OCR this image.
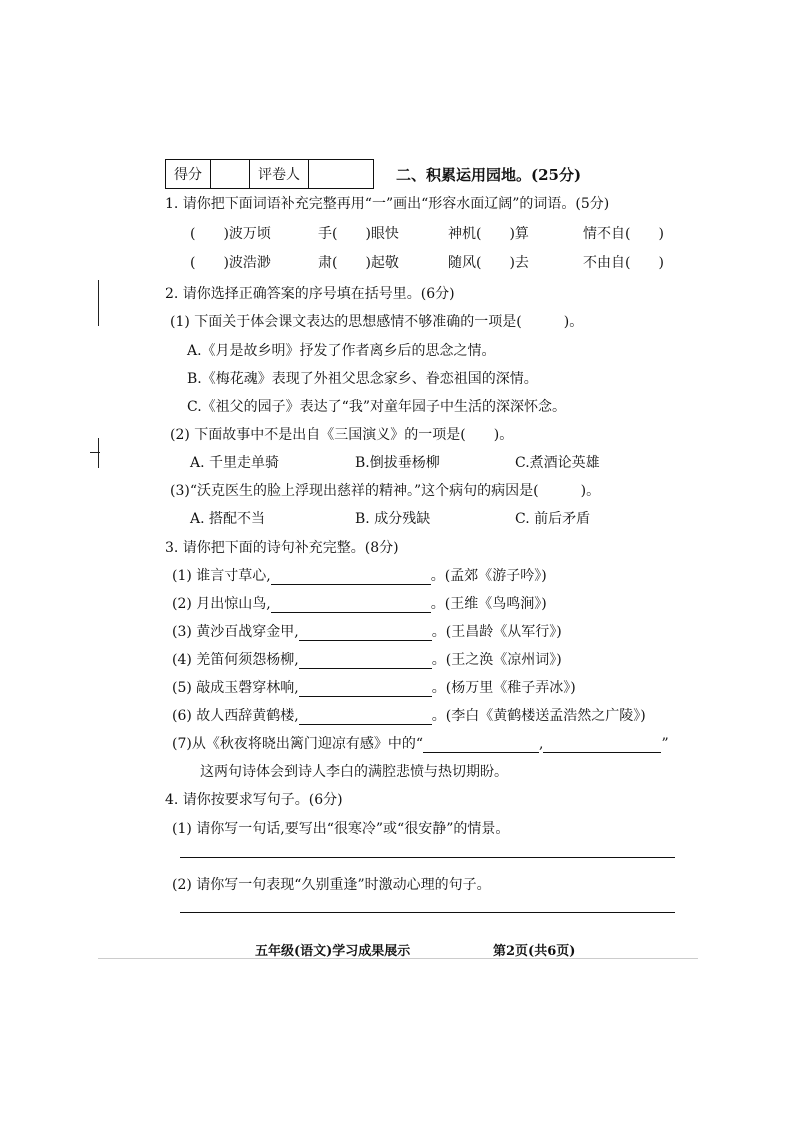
得分		评卷人		二、积累运用园地。(25分)
1. 请你把下面词语补充完整再用“一”画出“形容水面辽阔”的词语。(5分)
(　　)波万顷	手(　　)眼快	神机(　　)算	情不自(　　)
(　　)波浩渺	肃(　　)起敬	随风(　　)去	不由自(　　)
2. 请你选择正确答案的序号填在括号里。(6分)
(1) 下面关于体会课文表达的思想感情不够准确的一项是(　　　)。
A.《月是故乡明》抒发了作者离乡后的思念之情。
B.《梅花魂》表现了外祖父思念家乡、眷恋祖国的深情。
C.《祖父的园子》表达了“我”对童年园子中生活的深深怀念。
(2) 下面故事中不是出自《三国演义》的一项是(　　)。
A. 千里走单骑	B.倒拔垂杨柳	C.煮酒论英雄
(3)“沃克医生的脸上浮现出慈祥的精神。”这个病句的病因是(　　　)。
A. 搭配不当	B. 成分残缺	C. 前后矛盾
3. 请你把下面的诗句补充完整。(8分)
(1) 谁言寸草心,	。(孟郊《游子吟》)
(2) 月出惊山鸟,	。(王维《鸟鸣涧》)
(3) 黄沙百战穿金甲,	。(王昌龄《从军行》)
(4) 羌笛何须怨杨柳,	。(王之涣《凉州词》)
(5) 敲成玉磬穿林响,	。(杨万里《稚子弄冰》)
(6) 故人西辞黄鹤楼,	。(李白《黄鹤楼送孟浩然之广陵》)
(7)从《秋夜将晓出篱门迎凉有感》中的“	,	”
这两句诗体会到诗人李白的满腔悲愤与热切期盼。
4. 请你按要求写句子。(6分)
(1) 请你写一句话,要写出“很寒冷”或“很安静”的情景。
(2) 请你写一句表现“久别重逢”时激动心理的句子。
五年级(语文)学习成果展示	第2页(共6页)
